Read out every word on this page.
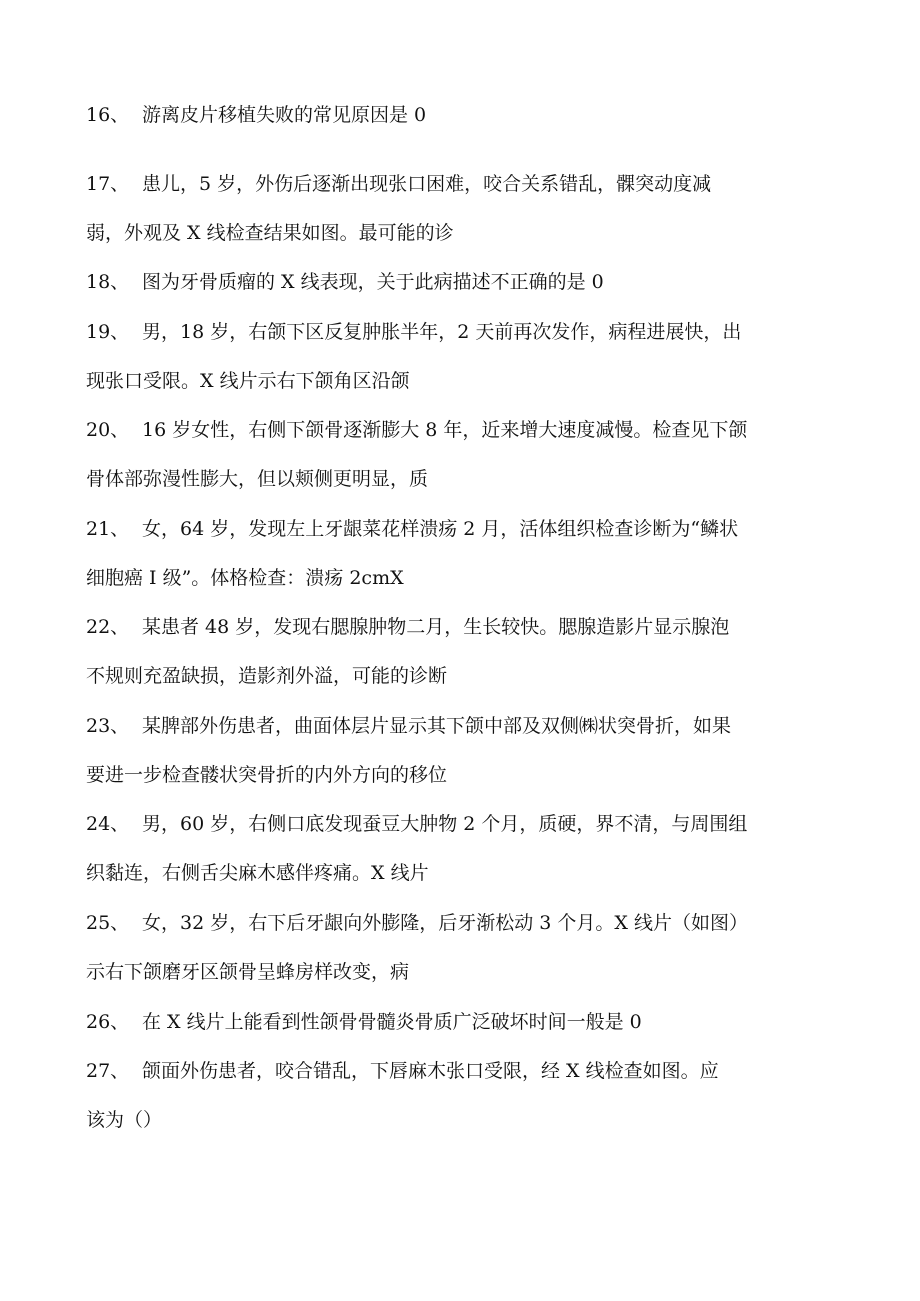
16、 游离皮片移植失败的常见原因是 0
17、 患儿，5 岁，外伤后逐渐出现张口困难，咬合关系错乱，髁突动度减
弱，外观及 X 线检查结果如图。最可能的诊
18、 图为牙骨质瘤的 X 线表现，关于此病描述不正确的是 0
19、 男，18 岁，右颌下区反复肿胀半年，2 天前再次发作，病程进展快，出
现张口受限。X 线片示右下颌角区沿颌
20、 16 岁女性，右侧下颌骨逐渐膨大 8 年，近来增大速度减慢。检查见下颌
骨体部弥漫性膨大，但以颊侧更明显，质
21、 女，64 岁，发现左上牙龈菜花样溃疡 2 月，活体组织检查诊断为“鳞状
细胞癌 I 级”。体格检查：溃疡 2cmX
22、 某患者 48 岁，发现右腮腺肿物二月，生长较快。腮腺造影片显示腺泡
不规则充盈缺损，造影剂外溢，可能的诊断
23、 某脾部外伤患者，曲面体层片显示其下颌中部及双侧㈱状突骨折，如果
要进一步检查髅状突骨折的内外方向的移位
24、 男，60 岁，右侧口底发现蚕豆大肿物 2 个月，质硬，界不清，与周围组
织黏连，右侧舌尖麻木感伴疼痛。X 线片
25、 女，32 岁，右下后牙龈向外膨隆，后牙渐松动 3 个月。X 线片（如图）
示右下颌磨牙区颌骨呈蜂房样改变，病
26、 在 X 线片上能看到性颌骨骨髓炎骨质广泛破坏时间一般是 0
27、 颌面外伤患者，咬合错乱，下唇麻木张口受限，经 X 线检查如图。应
该为（）
